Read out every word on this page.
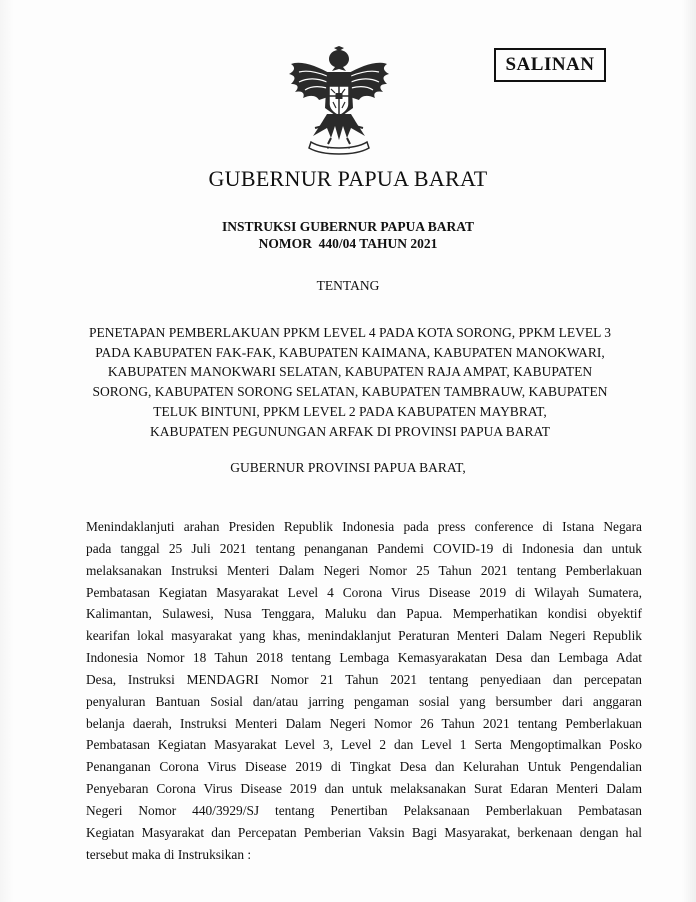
SALINAN
GUBERNUR PAPUA BARAT
INSTRUKSI GUBERNUR PAPUA BARAT
NOMOR  440/04 TAHUN 2021
TENTANG
PENETAPAN PEMBERLAKUAN PPKM LEVEL 4 PADA KOTA SORONG, PPKM LEVEL 3
PADA KABUPATEN FAK-FAK, KABUPATEN KAIMANA, KABUPATEN MANOKWARI,
KABUPATEN MANOKWARI SELATAN, KABUPATEN RAJA AMPAT, KABUPATEN
SORONG, KABUPATEN SORONG SELATAN, KABUPATEN TAMBRAUW, KABUPATEN
TELUK BINTUNI, PPKM LEVEL 2 PADA KABUPATEN MAYBRAT,
KABUPATEN PEGUNUNGAN ARFAK DI PROVINSI PAPUA BARAT
GUBERNUR PROVINSI PAPUA BARAT,
Menindaklanjuti arahan Presiden Republik Indonesia pada press conference di Istana Negara
pada tanggal 25 Juli 2021 tentang penanganan Pandemi COVID-19 di Indonesia dan untuk
melaksanakan Instruksi Menteri Dalam Negeri Nomor 25 Tahun 2021 tentang Pemberlakuan
Pembatasan Kegiatan Masyarakat Level 4 Corona Virus Disease 2019 di Wilayah Sumatera,
Kalimantan, Sulawesi, Nusa Tenggara, Maluku dan Papua. Memperhatikan kondisi obyektif
kearifan lokal masyarakat yang khas, menindaklanjut Peraturan Menteri Dalam Negeri Republik
Indonesia Nomor 18 Tahun 2018 tentang Lembaga Kemasyarakatan Desa dan Lembaga Adat
Desa, Instruksi MENDAGRI Nomor 21 Tahun 2021 tentang penyediaan dan percepatan
penyaluran Bantuan Sosial dan/atau jarring pengaman sosial yang bersumber dari anggaran
belanja daerah, Instruksi Menteri Dalam Negeri Nomor 26 Tahun 2021 tentang Pemberlakuan
Pembatasan Kegiatan Masyarakat Level 3, Level 2 dan Level 1 Serta Mengoptimalkan Posko
Penanganan Corona Virus Disease 2019 di Tingkat Desa dan Kelurahan Untuk Pengendalian
Penyebaran Corona Virus Disease 2019 dan untuk melaksanakan Surat Edaran Menteri Dalam
Negeri Nomor 440/3929/SJ tentang Penertiban Pelaksanaan Pemberlakuan Pembatasan
Kegiatan Masyarakat dan Percepatan Pemberian Vaksin Bagi Masyarakat, berkenaan dengan hal
tersebut maka di Instruksikan :
